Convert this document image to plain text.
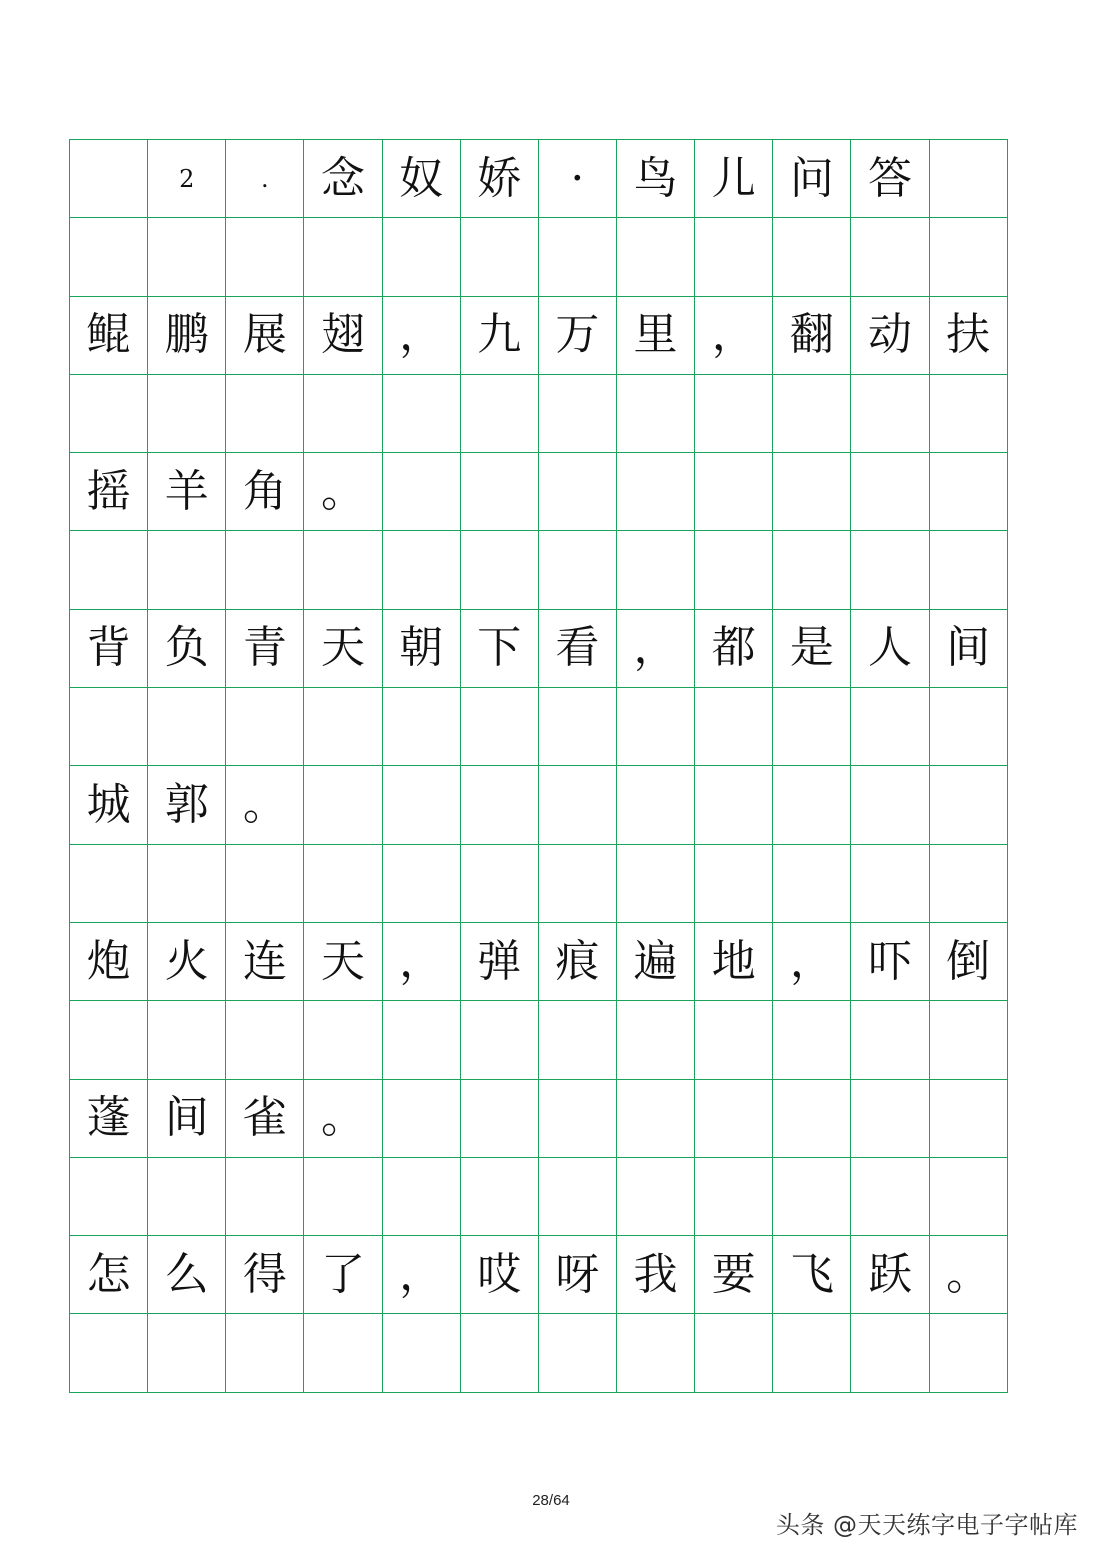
	2	.	念	奴	娇	·	鸟	儿	问	答	

鲲	鹏	展	翅	，	九	万	里	，	翻	动	扶

摇	羊	角	。								

背	负	青	天	朝	下	看	，	都	是	人	间

城	郭	。									

炮	火	连	天	，	弹	痕	遍	地	，	吓	倒

蓬	间	雀	。								

怎	么	得	了	，	哎	呀	我	要	飞	跃	。

28/64
头条 @天天练字电子字帖库
